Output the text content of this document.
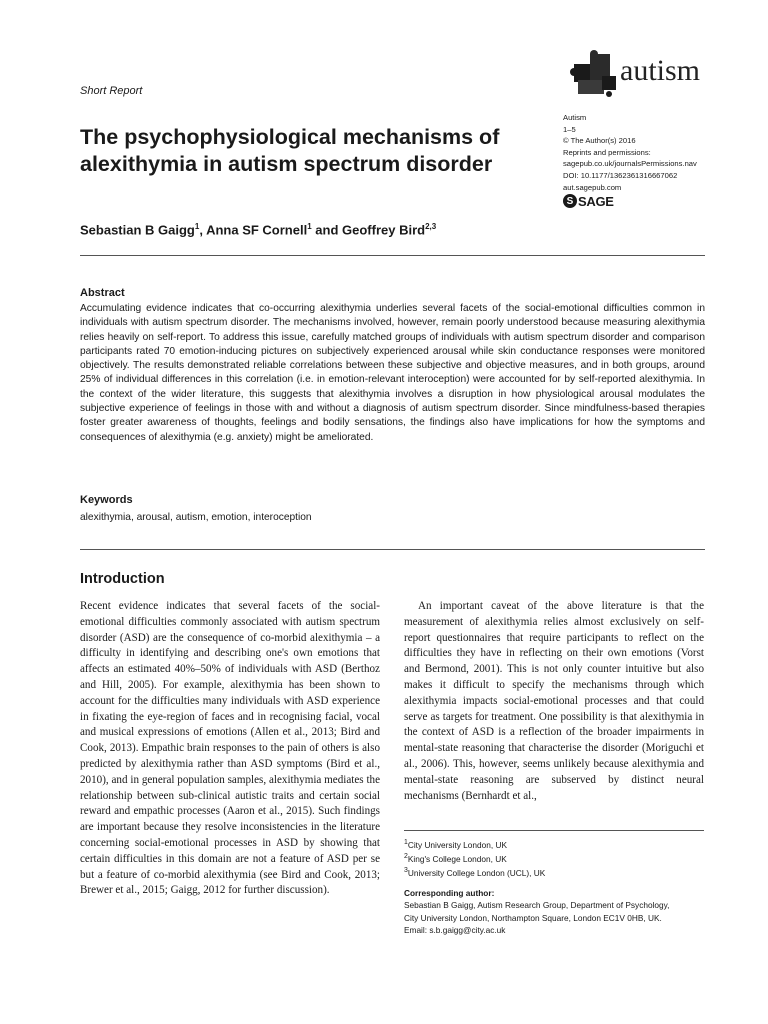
Short Report
autism
The psychophysiological mechanisms of
alexithymia in autism spectrum disorder
Autism
1–5
© The Author(s) 2016
Reprints and permissions:
sagepub.co.uk/journalsPermissions.nav
DOI: 10.1177/1362361316667062
aut.sagepub.com
S SAGE
Sebastian B Gaigg$^1$, Anna SF Cornell$^1$ and Geoffrey Bird$^{2,3}$
Abstract
Accumulating evidence indicates that co-occurring alexithymia underlies several facets of the social-emotional difficulties common in individuals with autism spectrum disorder. The mechanisms involved, however, remain poorly understood because measuring alexithymia relies heavily on self-report. To address this issue, carefully matched groups of individuals with autism spectrum disorder and comparison participants rated 70 emotion-inducing pictures on subjectively experienced arousal while skin conductance responses were monitored objectively. The results demonstrated reliable correlations between these subjective and objective measures, and in both groups, around 25% of individual differences in this correlation (i.e. in emotion-relevant interoception) were accounted for by self-reported alexithymia. In the context of the wider literature, this suggests that alexithymia involves a disruption in how physiological arousal modulates the subjective experience of feelings in those with and without a diagnosis of autism spectrum disorder. Since mindfulness-based therapies foster greater awareness of thoughts, feelings and bodily sensations, the findings also have implications for how the symptoms and consequences of alexithymia (e.g. anxiety) might be ameliorated.
Keywords
alexithymia, arousal, autism, emotion, interoception
Introduction

Recent evidence indicates that several facets of the social-emotional difficulties commonly associated with autism spectrum disorder (ASD) are the consequence of co-morbid alexithymia – a difficulty in identifying and describing one's own emotions that affects an estimated 40%–50% of individuals with ASD (Berthoz and Hill, 2005). For example, alexithymia has been shown to account for the difficulties many individuals with ASD experience in fixating the eye-region of faces and in recognising facial, vocal and musical expressions of emotions (Allen et al., 2013; Bird and Cook, 2013). Empathic brain responses to the pain of others is also predicted by alexithymia rather than ASD symptoms (Bird et al., 2010), and in general population samples, alexithymia mediates the relationship between sub-clinical autistic traits and certain social reward and empathic processes (Aaron et al., 2015). Such findings are important because they resolve inconsistencies in the literature concerning social-emotional processes in ASD by showing that certain difficulties in this domain are not a feature of ASD per se but a feature of co-morbid alexithymia (see Bird and Cook, 2013; Brewer et al., 2015; Gaigg, 2012 for further discussion).

An important caveat of the above literature is that the measurement of alexithymia relies almost exclusively on self-report questionnaires that require participants to reflect on the difficulties they have in reflecting on their own emotions (Vorst and Bermond, 2001). This is not only counter intuitive but also makes it difficult to specify the mechanisms through which alexithymia impacts social-emotional processes and that could serve as targets for treatment. One possibility is that alexithymia in the context of ASD is a reflection of the broader impairments in mental-state reasoning that characterise the disorder (Moriguchi et al., 2006). This, however, seems unlikely because alexithymia and mental-state reasoning are subserved by distinct neural mechanisms (Bernhardt et al.,

$^1$City University London, UK
$^2$King's College London, UK
$^3$University College London (UCL), UK
Corresponding author:
Sebastian B Gaigg, Autism Research Group, Department of Psychology,
City University London, Northampton Square, London EC1V 0HB, UK.
Email: s.b.gaigg@city.ac.uk
